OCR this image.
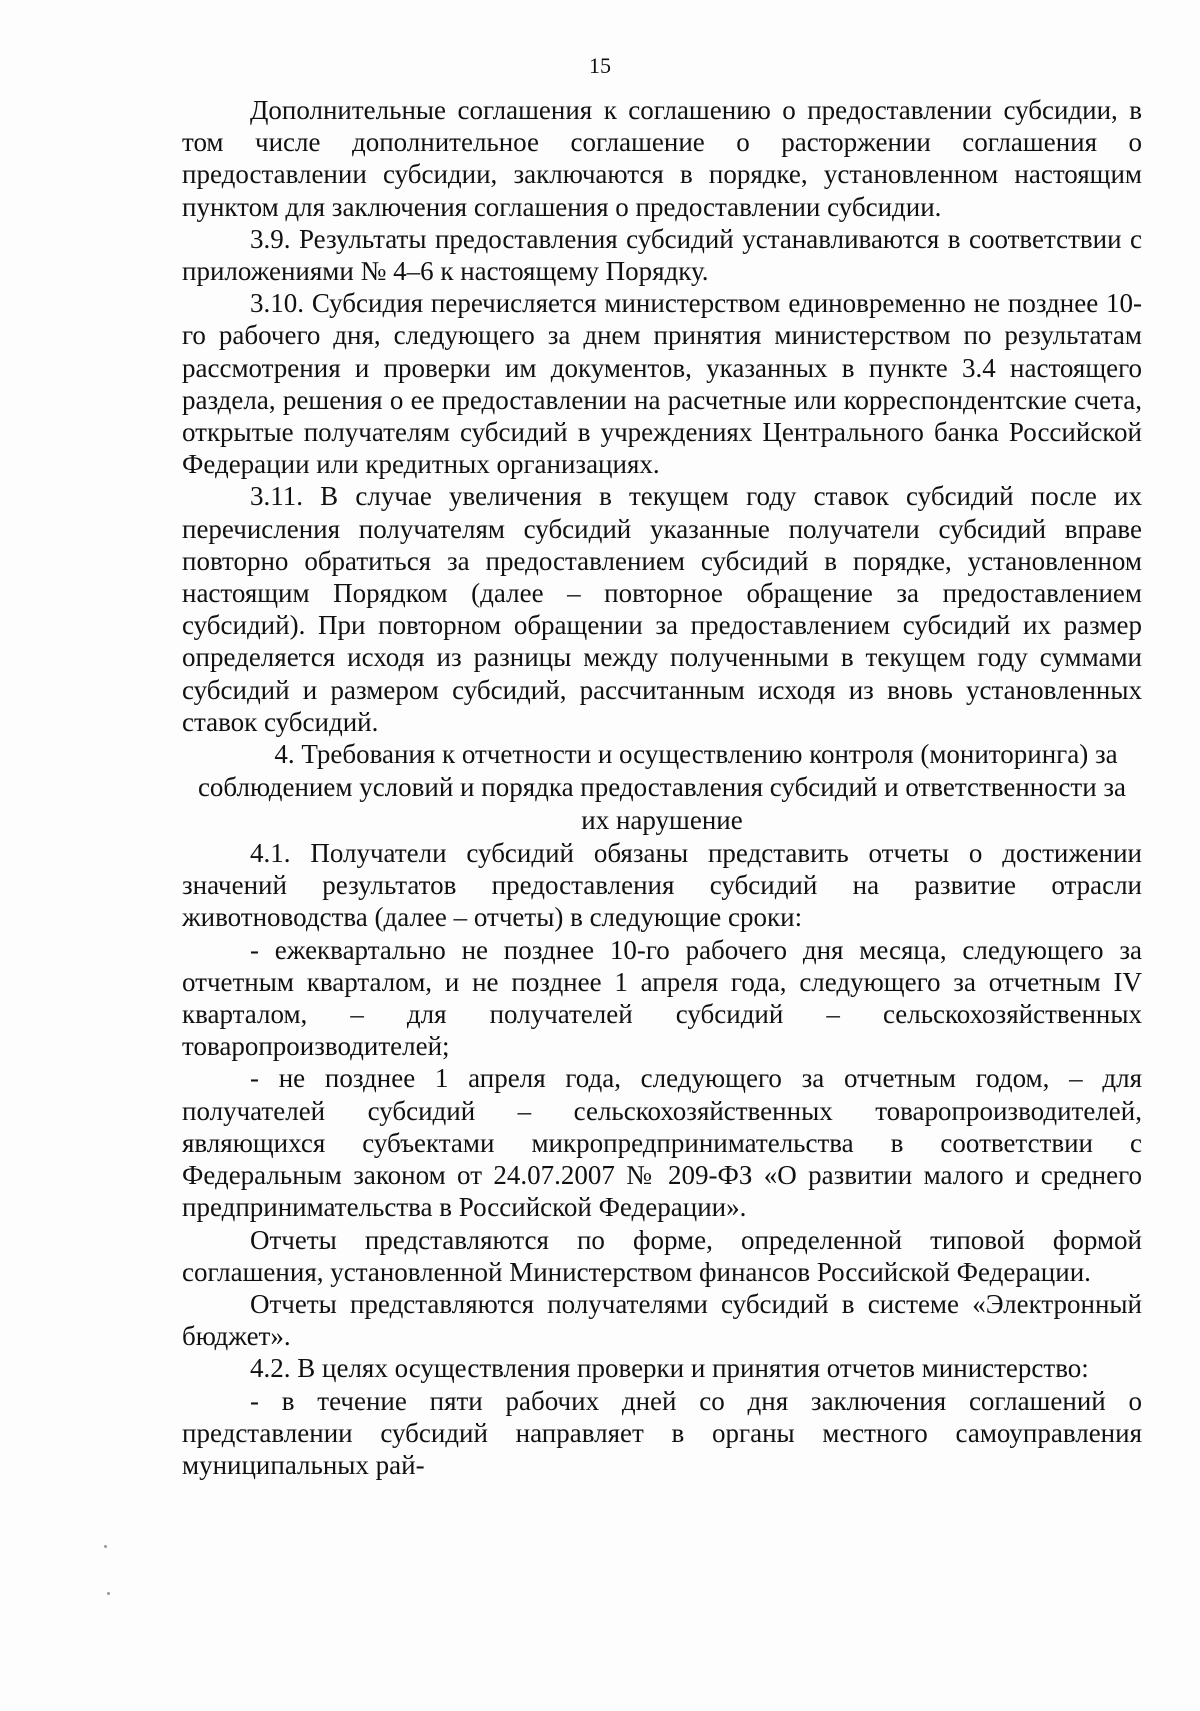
15

Дополнительные соглашения к соглашению о предоставлении субсидии, в том числе дополнительное соглашение о расторжении соглашения о предоставлении субсидии, заключаются в порядке, установленном настоящим пунктом для заключения соглашения о предоставлении субсидии.

3.9. Результаты предоставления субсидий устанавливаются в соответствии с приложениями № 4–6 к настоящему Порядку.

3.10. Субсидия перечисляется министерством единовременно не позднее 10-го рабочего дня, следующего за днем принятия министерством по результатам рассмотрения и проверки им документов, указанных в пункте 3.4 настоящего раздела, решения о ее предоставлении на расчетные или корреспондентские счета, открытые получателям субсидий в учреждениях Центрального банка Российской Федерации или кредитных организациях.

3.11. В случае увеличения в текущем году ставок субсидий после их перечисления получателям субсидий указанные получатели субсидий вправе повторно обратиться за предоставлением субсидий в порядке, установленном настоящим Порядком (далее – повторное обращение за предоставлением субсидий). При повторном обращении за предоставлением субсидий их размер определяется исходя из разницы между полученными в текущем году суммами субсидий и размером субсидий, рассчитанным исходя из вновь установленных ставок субсидий.

4. Требования к отчетности и осуществлению контроля (мониторинга) за соблюдением условий и порядка предоставления субсидий и ответственности за их нарушение

4.1. Получатели субсидий обязаны представить отчеты о достижении значений результатов предоставления субсидий на развитие отрасли животноводства (далее – отчеты) в следующие сроки:

- ежеквартально не позднее 10-го рабочего дня месяца, следующего за отчетным кварталом, и не позднее 1 апреля года, следующего за отчетным IV кварталом, – для получателей субсидий – сельскохозяйственных товаропроизводителей;

- не позднее 1 апреля года, следующего за отчетным годом, – для получателей субсидий – сельскохозяйственных товаропроизводителей, являющихся субъектами микропредпринимательства в соответствии с Федеральным законом от 24.07.2007 № 209-ФЗ «О развитии малого и среднего предпринимательства в Российской Федерации».

Отчеты представляются по форме, определенной типовой формой соглашения, установленной Министерством финансов Российской Федерации.

Отчеты представляются получателями субсидий в системе «Электронный бюджет».

4.2. В целях осуществления проверки и принятия отчетов министерство:

- в течение пяти рабочих дней со дня заключения соглашений о представлении субсидий направляет в органы местного самоуправления муниципальных рай-
